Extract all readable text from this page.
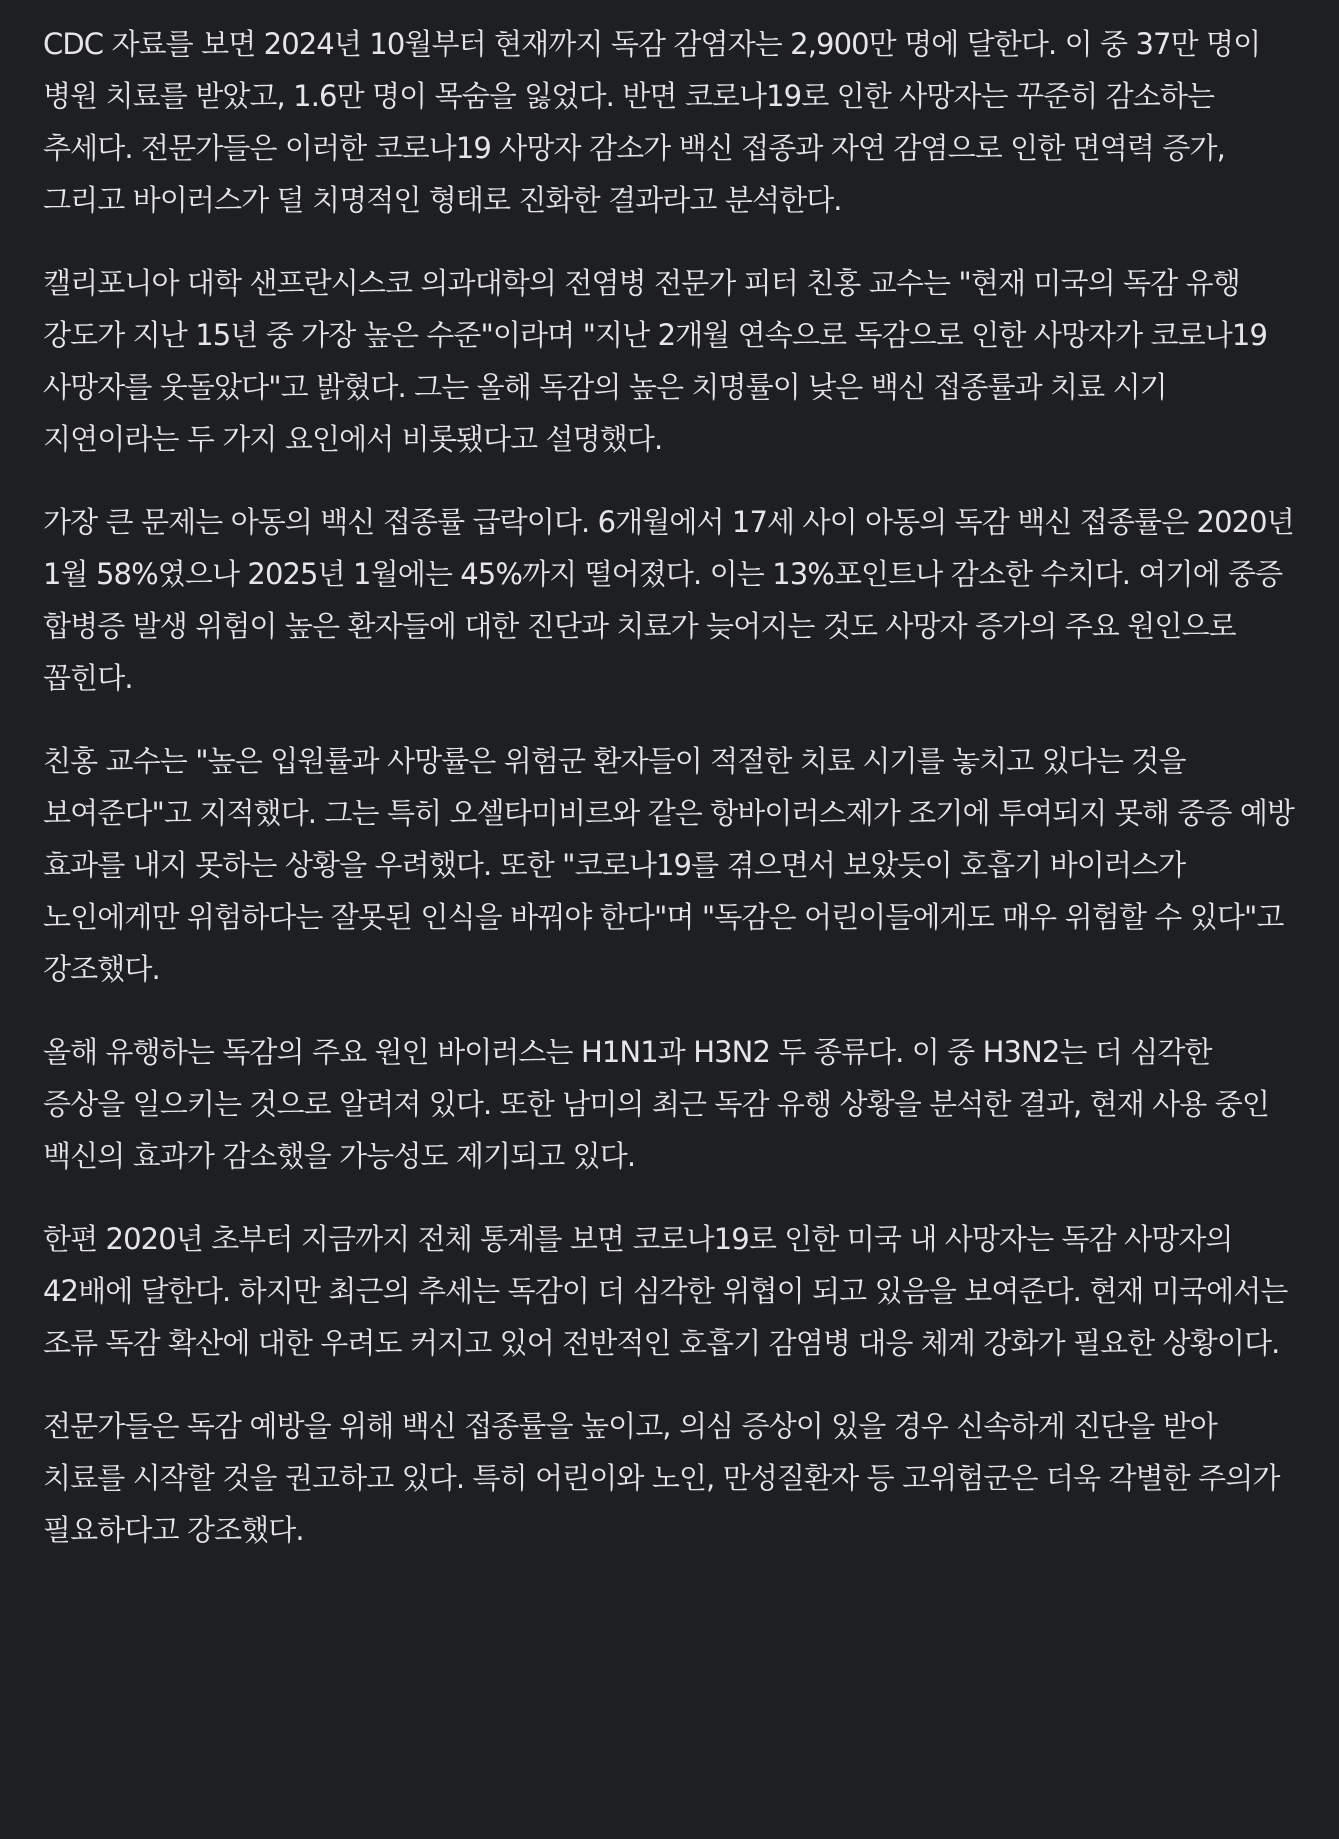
CDC 자료를 보면 2024년 10월부터 현재까지 독감 감염자는 2,900만 명에 달한다. 이 중 37만 명이 병원 치료를 받았고, 1.6만 명이 목숨을 잃었다. 반면 코로나19로 인한 사망자는 꾸준히 감소하는 추세다. 전문가들은 이러한 코로나19 사망자 감소가 백신 접종과 자연 감염으로 인한 면역력 증가, 그리고 바이러스가 덜 치명적인 형태로 진화한 결과라고 분석한다.

캘리포니아 대학 샌프란시스코 의과대학의 전염병 전문가 피터 친홍 교수는 "현재 미국의 독감 유행 강도가 지난 15년 중 가장 높은 수준"이라며 "지난 2개월 연속으로 독감으로 인한 사망자가 코로나19 사망자를 웃돌았다"고 밝혔다. 그는 올해 독감의 높은 치명률이 낮은 백신 접종률과 치료 시기 지연이라는 두 가지 요인에서 비롯됐다고 설명했다.

가장 큰 문제는 아동의 백신 접종률 급락이다. 6개월에서 17세 사이 아동의 독감 백신 접종률은 2020년 1월 58%였으나 2025년 1월에는 45%까지 떨어졌다. 이는 13%포인트나 감소한 수치다. 여기에 중증 합병증 발생 위험이 높은 환자들에 대한 진단과 치료가 늦어지는 것도 사망자 증가의 주요 원인으로 꼽힌다.

친홍 교수는 "높은 입원률과 사망률은 위험군 환자들이 적절한 치료 시기를 놓치고 있다는 것을 보여준다"고 지적했다. 그는 특히 오셀타미비르와 같은 항바이러스제가 조기에 투여되지 못해 중증 예방 효과를 내지 못하는 상황을 우려했다. 또한 "코로나19를 겪으면서 보았듯이 호흡기 바이러스가 노인에게만 위험하다는 잘못된 인식을 바꿔야 한다"며 "독감은 어린이들에게도 매우 위험할 수 있다"고 강조했다.

올해 유행하는 독감의 주요 원인 바이러스는 H1N1과 H3N2 두 종류다. 이 중 H3N2는 더 심각한 증상을 일으키는 것으로 알려져 있다. 또한 남미의 최근 독감 유행 상황을 분석한 결과, 현재 사용 중인 백신의 효과가 감소했을 가능성도 제기되고 있다.

한편 2020년 초부터 지금까지 전체 통계를 보면 코로나19로 인한 미국 내 사망자는 독감 사망자의 42배에 달한다. 하지만 최근의 추세는 독감이 더 심각한 위협이 되고 있음을 보여준다. 현재 미국에서는 조류 독감 확산에 대한 우려도 커지고 있어 전반적인 호흡기 감염병 대응 체계 강화가 필요한 상황이다.

전문가들은 독감 예방을 위해 백신 접종률을 높이고, 의심 증상이 있을 경우 신속하게 진단을 받아 치료를 시작할 것을 권고하고 있다. 특히 어린이와 노인, 만성질환자 등 고위험군은 더욱 각별한 주의가 필요하다고 강조했다.
